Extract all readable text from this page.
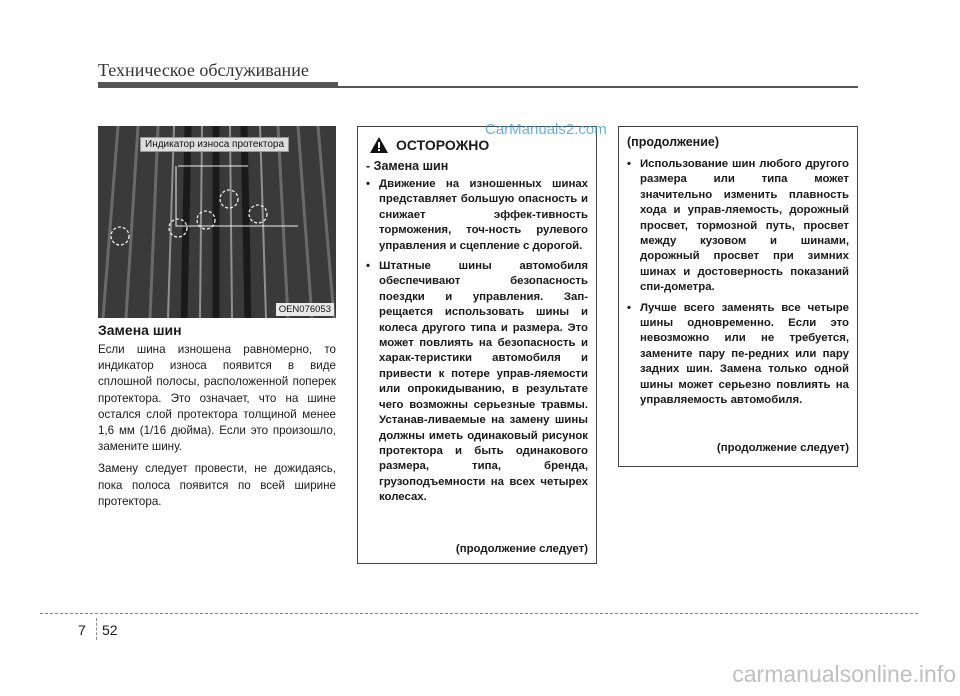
Техническое обслуживание
Индикатор износа протектора
OEN076053
Замена шин

Если шина изношена равномерно, то индикатор износа появится в виде сплошной полосы, расположенной поперек протектора. Это означает, что на шине остался слой протектора толщиной менее 1,6 мм (1/16 дюйма). Если это произошло, замените шину.

Замену следует провести, не дожидаясь, пока полоса появится по всей ширине протектора.

ОСТОРОЖНО
- Замена шин
• Движение на изношенных шинах представляет большую опасность и снижает эффек-тивность торможения, точ-ность рулевого управления и сцепление с дорогой.
• Штатные шины автомобиля обеспечивают безопасность поездки и управления. Зап-рещается использовать шины и колеса другого типа и размера. Это может повлиять на безопасность и харак-теристики автомобиля и привести к потере управ-ляемости или опрокидыванию, в результате чего возможны серьезные травмы. Устанав-ливаемые на замену шины должны иметь одинаковый рисунок протектора и быть одинакового размера, типа, бренда, грузоподъемности на всех четырех колесах.
(продолжение следует)
(продолжение)
• Использование шин любого другого размера или типа может значительно изменить плавность хода и управ-ляемость, дорожный просвет, тормозной путь, просвет между кузовом и шинами, дорожный просвет при зимних шинах и достоверность показаний спи-дометра.
• Лучше всего заменять все четыре шины одновременно. Если это невозможно или не требуется, замените пару пе-редних или пару задних шин. Замена только одной шины может серьезно повлиять на управляемость автомобиля.
(продолжение следует)
CarManuals2.com
carmanualsonline.info
7 52
